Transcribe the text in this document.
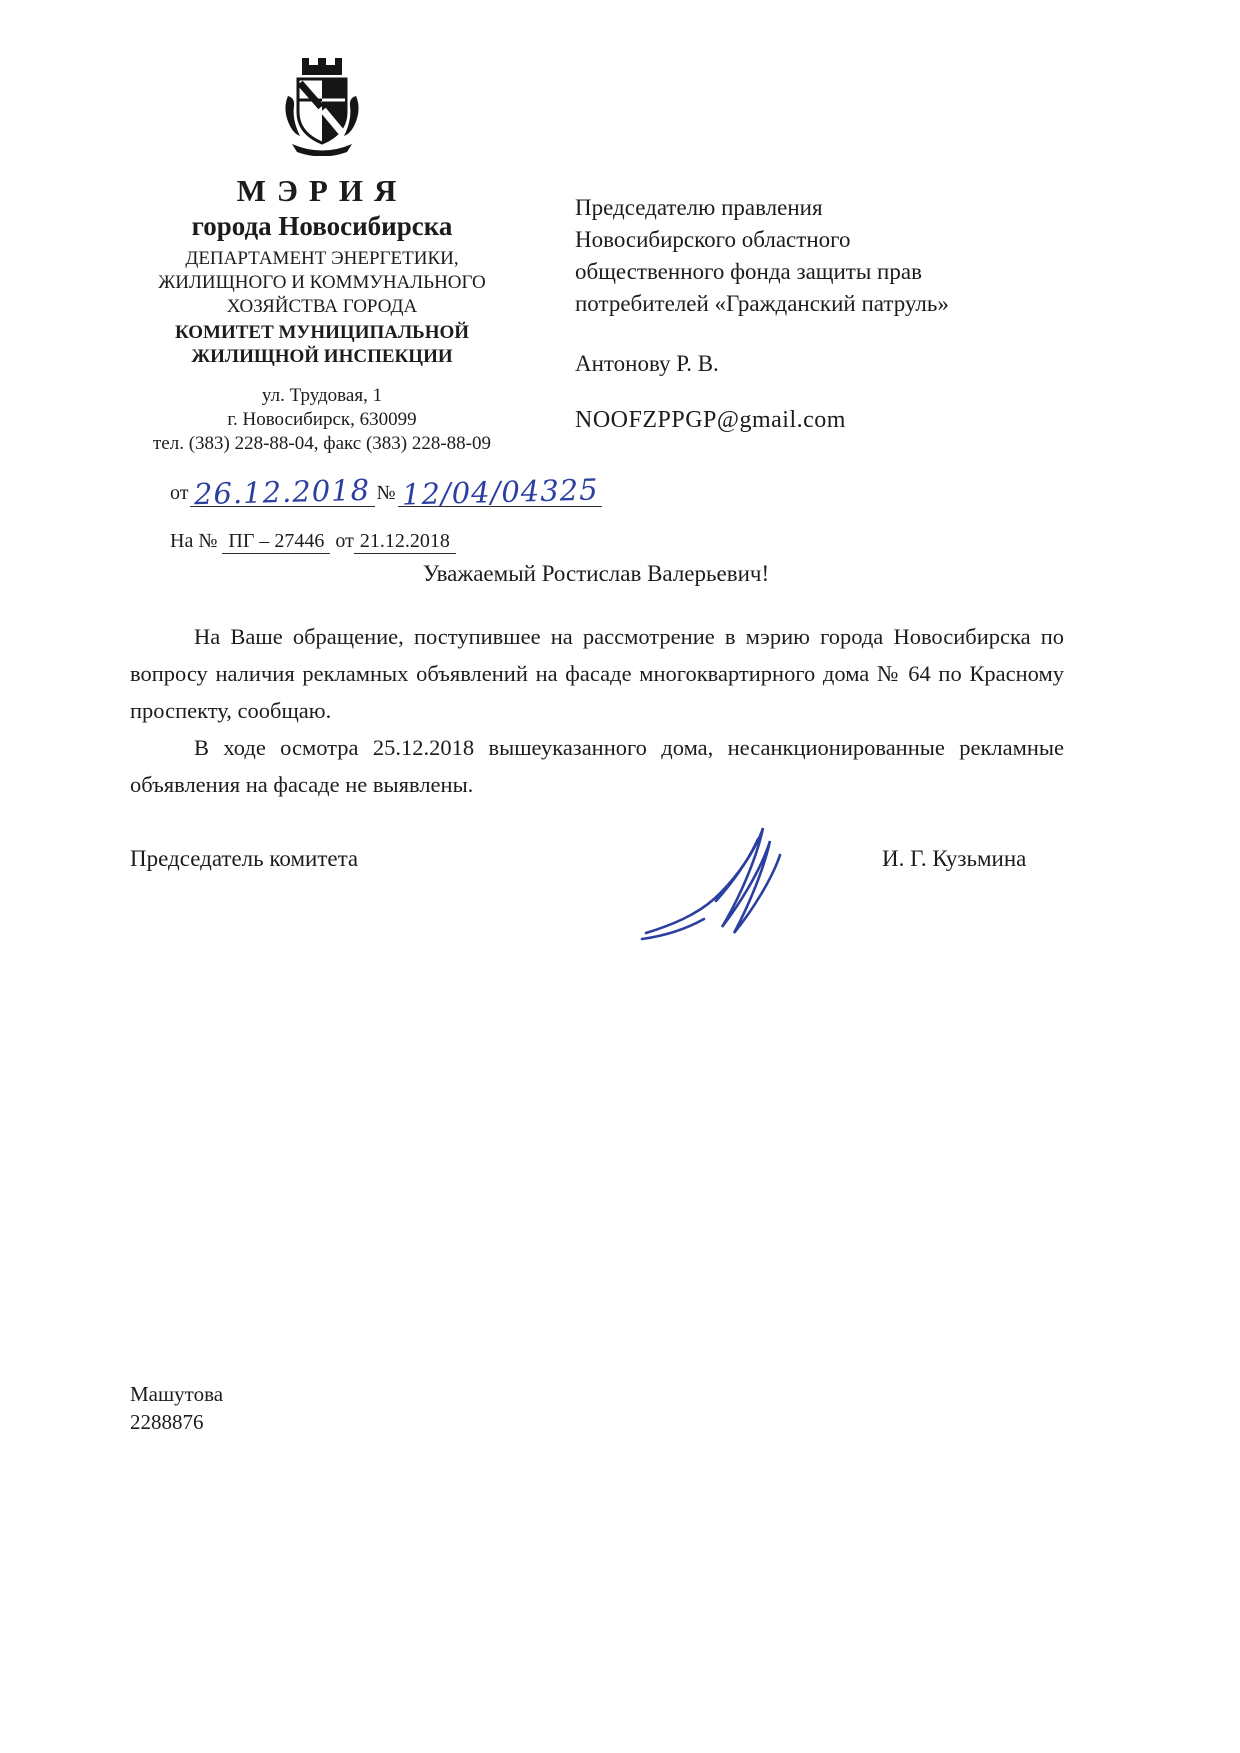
МЭРИЯ
города Новосибирска
ДЕПАРТАМЕНТ ЭНЕРГЕТИКИ,
ЖИЛИЩНОГО И КОММУНАЛЬНОГО
ХОЗЯЙСТВА ГОРОДА
КОМИТЕТ МУНИЦИПАЛЬНОЙ
ЖИЛИЩНОЙ ИНСПЕКЦИИ
ул. Трудовая, 1
г. Новосибирск, 630099
тел. (383) 228-88-04, факс (383) 228-88-09
от 26.12.2018 № 12/04/04325
На № ПГ – 27446 от 21.12.2018
Председателю правления
Новосибирского областного
общественного фонда защиты прав
потребителей «Гражданский патруль»
Антонову Р. В.
NOOFZPPGP@gmail.com
Уважаемый Ростислав Валерьевич!

На Ваше обращение, поступившее на рассмотрение в мэрию города Новосибирска по вопросу наличия рекламных объявлений на фасаде многоквартирного дома № 64 по Красному проспекту, сообщаю.

В ходе осмотра 25.12.2018 вышеуказанного дома, несанкционированные рекламные объявления на фасаде не выявлены.

Председатель комитета	И. Г. Кузьмина
Машутова
2288876
